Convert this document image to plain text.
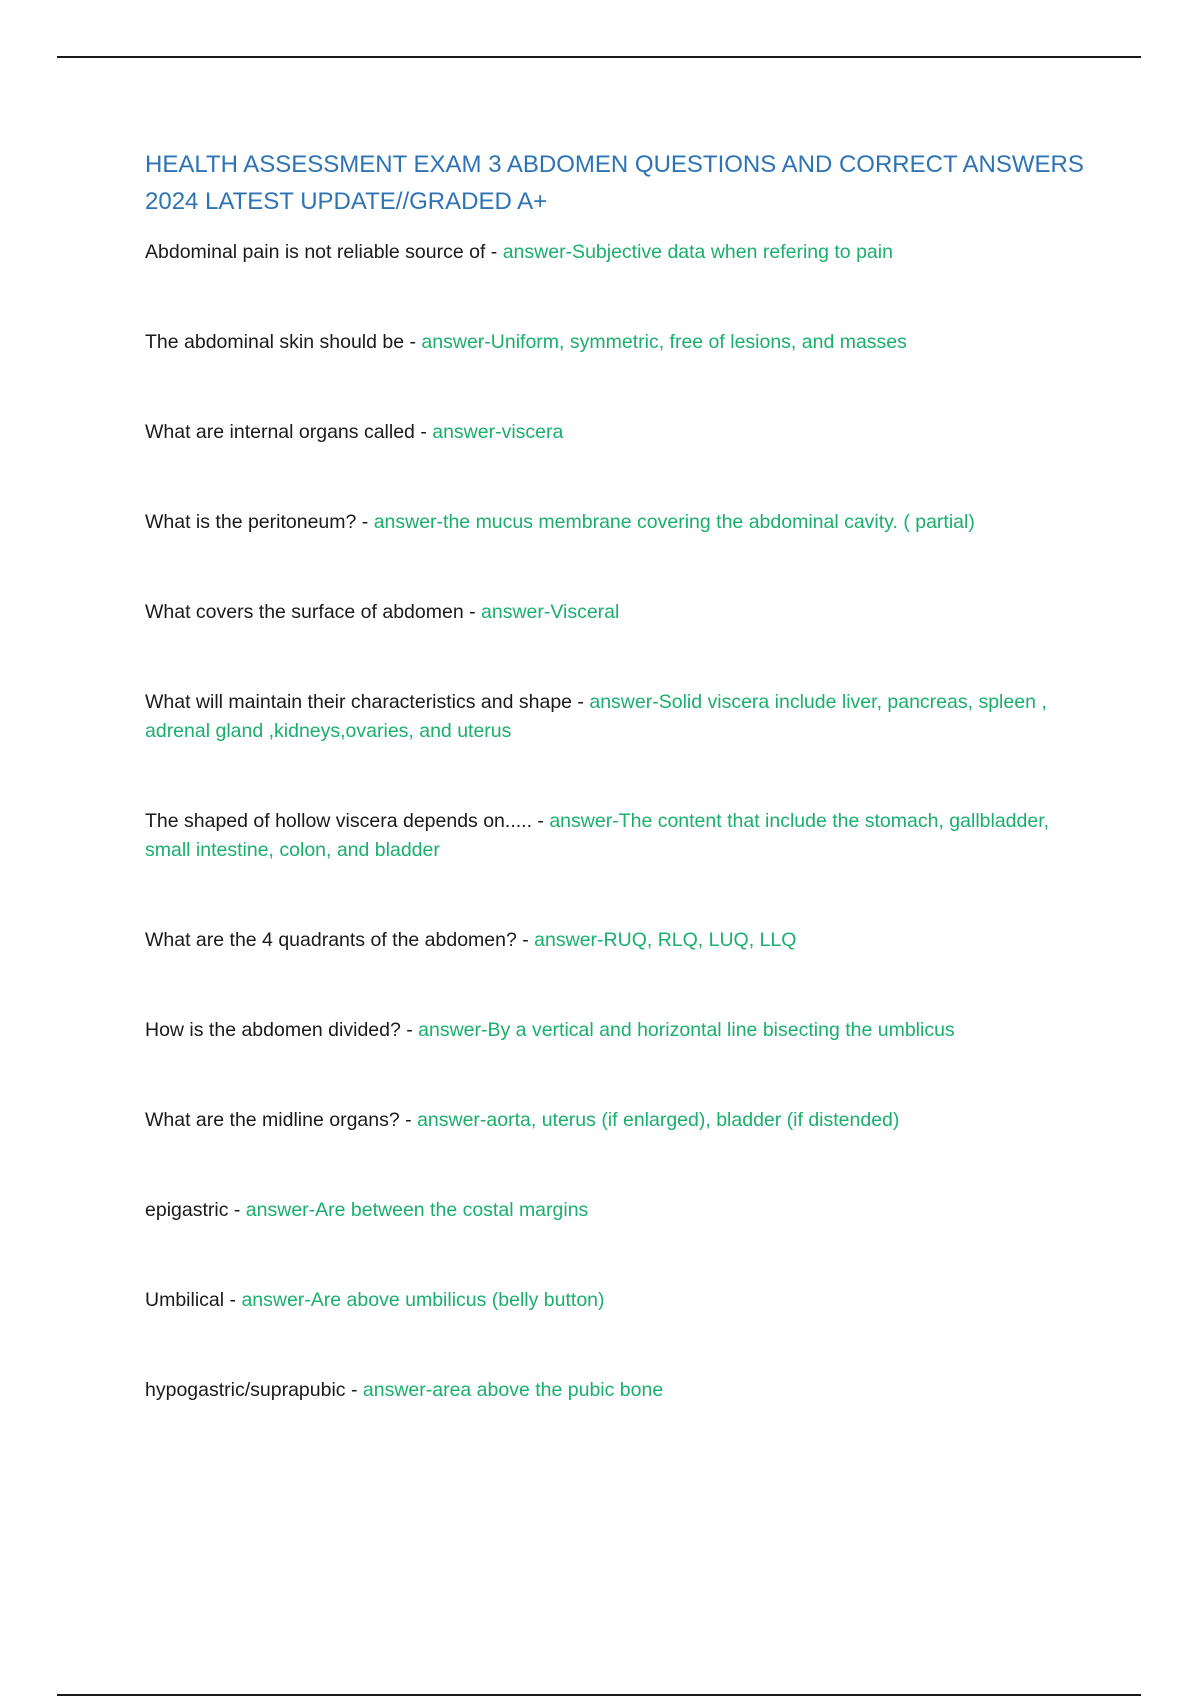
HEALTH ASSESSMENT EXAM 3 ABDOMEN QUESTIONS AND CORRECT ANSWERS 2024 LATEST UPDATE//GRADED A+
Abdominal pain is not reliable source of - answer-Subjective data when refering to pain
The abdominal skin should be - answer-Uniform, symmetric, free of lesions, and masses
What are internal organs called - answer-viscera
What is the peritoneum? - answer-the mucus membrane covering the abdominal cavity. ( partial)
What covers the surface of abdomen - answer-Visceral
What will maintain their characteristics and shape - answer-Solid viscera include liver, pancreas, spleen , adrenal gland ,kidneys,ovaries, and uterus
The shaped of hollow viscera depends on..... - answer-The content that include the stomach, gallbladder, small intestine, colon, and bladder
What are the 4 quadrants of the abdomen? - answer-RUQ, RLQ, LUQ, LLQ
How is the abdomen divided? - answer-By a vertical and horizontal line bisecting the umblicus
What are the midline organs? - answer-aorta, uterus (if enlarged), bladder (if distended)
epigastric - answer-Are between the costal margins
Umbilical - answer-Are above umbilicus (belly button)
hypogastric/suprapubic - answer-area above the pubic bone
